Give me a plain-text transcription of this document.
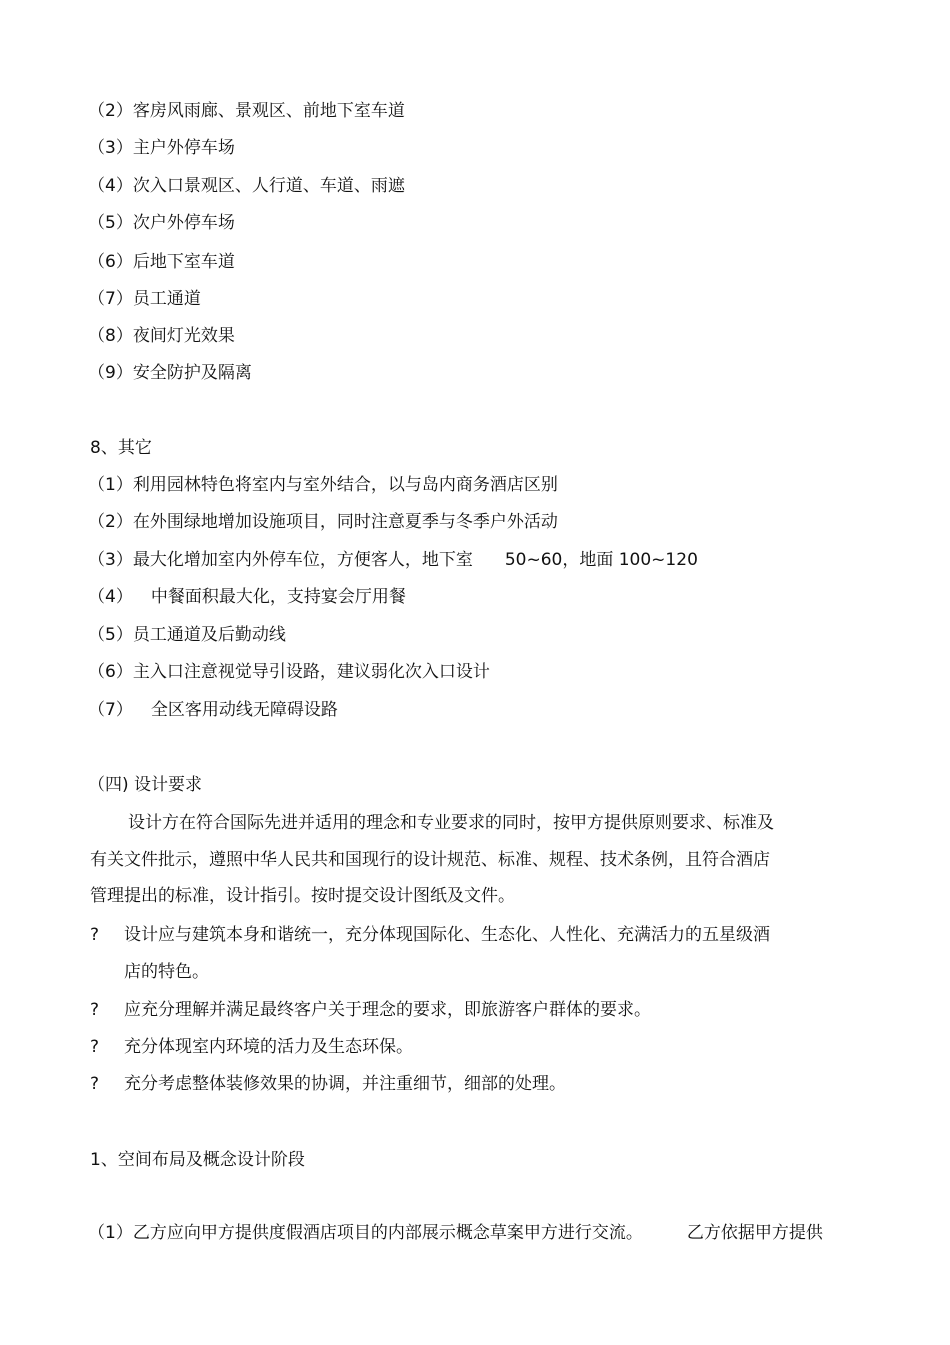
（2）客房风雨廊、景观区、前地下室车道
（3）主户外停车场
（4）次入口景观区、人行道、车道、雨遮
（5）次户外停车场
（6）后地下室车道
（7）员工通道
（8）夜间灯光效果
（9）安全防护及隔离
8、其它
（1）利用园林特色将室内与室外结合，以与岛内商务酒店区别
（2）在外围绿地增加设施项目，同时注意夏季与冬季户外活动
（3）最大化增加室内外停车位，方便客人，地下室 50~60，地面 100~120
（4） 中餐面积最大化，支持宴会厅用餐
（5）员工通道及后勤动线
（6）主入口注意视觉导引设路，建议弱化次入口设计
（7） 全区客用动线无障碍设路
（四) 设计要求
设计方在符合国际先进并适用的理念和专业要求的同时，按甲方提供原则要求、标准及
有关文件批示，遵照中华人民共和国现行的设计规范、标准、规程、技术条例，且符合酒店
管理提出的标准，设计指引。按时提交设计图纸及文件。
? 设计应与建筑本身和谐统一，充分体现国际化、生态化、人性化、充满活力的五星级酒
店的特色。
? 应充分理解并满足最终客户关于理念的要求，即旅游客户群体的要求。
? 充分体现室内环境的活力及生态环保。
? 充分考虑整体装修效果的协调，并注重细节，细部的处理。
1、空间布局及概念设计阶段
（1）乙方应向甲方提供度假酒店项目的内部展示概念草案甲方进行交流。	乙方依据甲方提供
